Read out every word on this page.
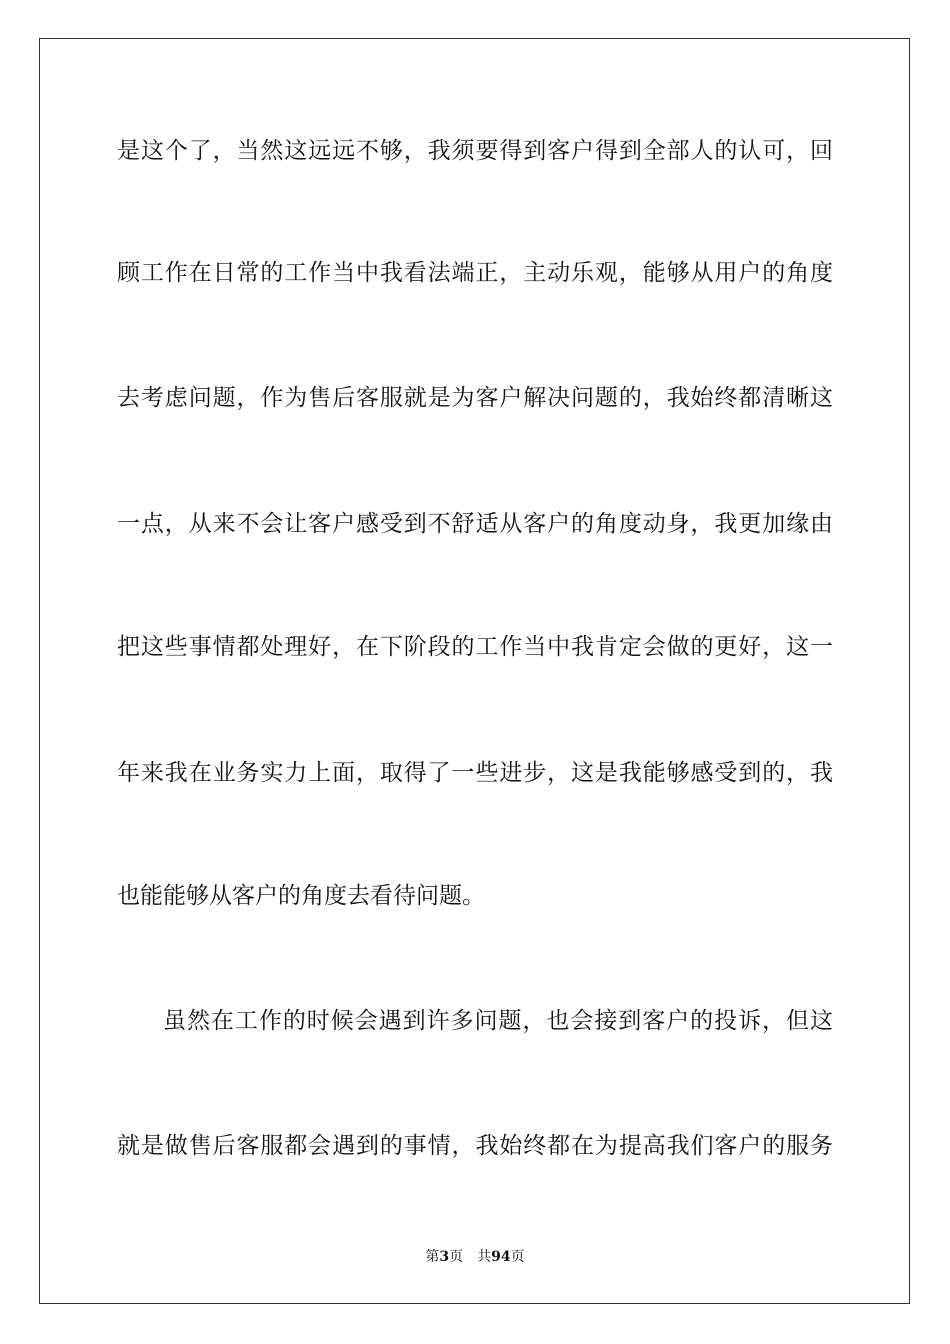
是这个了，当然这远远不够，我须要得到客户得到全部人的认可，回
顾工作在日常的工作当中我看法端正，主动乐观，能够从用户的角度
去考虑问题，作为售后客服就是为客户解决问题的，我始终都清晰这
一点，从来不会让客户感受到不舒适从客户的角度动身，我更加缘由
把这些事情都处理好，在下阶段的工作当中我肯定会做的更好，这一
年来我在业务实力上面，取得了一些进步，这是我能够感受到的，我
也能能够从客户的角度去看待问题。
虽然在工作的时候会遇到许多问题，也会接到客户的投诉，但这
就是做售后客服都会遇到的事情，我始终都在为提高我们客户的服务
第3页 共94页
